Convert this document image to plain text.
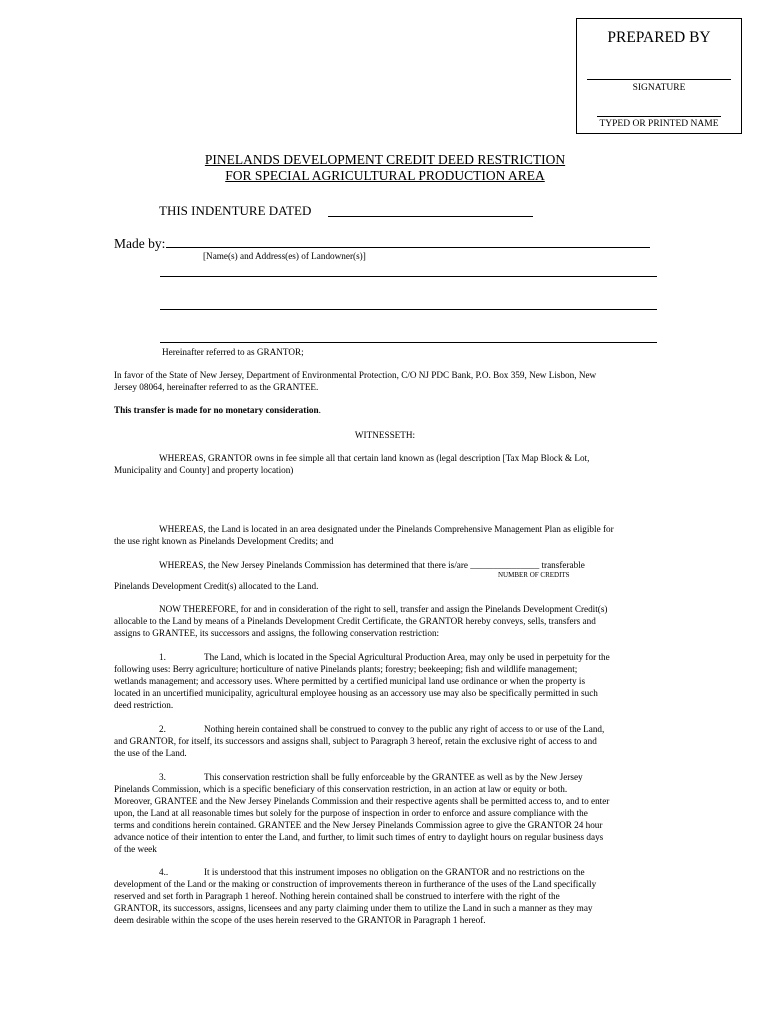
PREPARED BY
SIGNATURE
TYPED OR PRINTED NAME
PINELANDS DEVELOPMENT CREDIT DEED RESTRICTION
FOR SPECIAL AGRICULTURAL PRODUCTION AREA
THIS INDENTURE DATED
Made by:
[Name(s) and Address(es) of Landowner(s)]
Hereinafter referred to as GRANTOR;
In favor of the State of New Jersey, Department of Environmental Protection, C/O NJ PDC Bank, P.O. Box 359, New Lisbon, New
Jersey 08064, hereinafter referred to as the GRANTEE.
This transfer is made for no monetary consideration.
WITNESSETH:
WHEREAS, GRANTOR owns in fee simple all that certain land known as (legal description [Tax Map Block & Lot,
Municipality and County] and property location)
WHEREAS, the Land is located in an area designated under the Pinelands Comprehensive Management Plan as eligible for
the use right known as Pinelands Development Credits; and
WHEREAS, the New Jersey Pinelands Commission has determined that there is/are _______________ transferable
NUMBER OF CREDITS
Pinelands Development Credit(s) allocated to the Land.
NOW THEREFORE, for and in consideration of the right to sell, transfer and assign the Pinelands Development Credit(s)
allocable to the Land by means of a Pinelands Development Credit Certificate, the GRANTOR hereby conveys, sells, transfers and
assigns to GRANTEE, its successors and assigns, the following conservation restriction:
1.	The Land, which is located in the Special Agricultural Production Area, may only be used in perpetuity for the
following uses: Berry agriculture; horticulture of native Pinelands plants; forestry; beekeeping; fish and wildlife management;
wetlands management; and accessory uses. Where permitted by a certified municipal land use ordinance or when the property is
located in an uncertified municipality, agricultural employee housing as an accessory use may also be specifically permitted in such
deed restriction.
2.	Nothing herein contained shall be construed to convey to the public any right of access to or use of the Land,
and GRANTOR, for itself, its successors and assigns shall, subject to Paragraph 3 hereof, retain the exclusive right of access to and
the use of the Land.
3.	This conservation restriction shall be fully enforceable by the GRANTEE as well as by the New Jersey
Pinelands Commission, which is a specific beneficiary of this conservation restriction, in an action at law or equity or both.
Moreover, GRANTEE and the New Jersey Pinelands Commission and their respective agents shall be permitted access to, and to enter
upon, the Land at all reasonable times but solely for the purpose of inspection in order to enforce and assure compliance with the
terms and conditions herein contained. GRANTEE and the New Jersey Pinelands Commission agree to give the GRANTOR 24 hour
advance notice of their intention to enter the Land, and further, to limit such times of entry to daylight hours on regular business days
of the week
4..	It is understood that this instrument imposes no obligation on the GRANTOR and no restrictions on the
development of the Land or the making or construction of improvements thereon in furtherance of the uses of the Land specifically
reserved and set forth in Paragraph 1 hereof. Nothing herein contained shall be construed to interfere with the right of the
GRANTOR, its successors, assigns, licensees and any party claiming under them to utilize the Land in such a manner as they may
deem desirable within the scope of the uses herein reserved to the GRANTOR in Paragraph 1 hereof.
